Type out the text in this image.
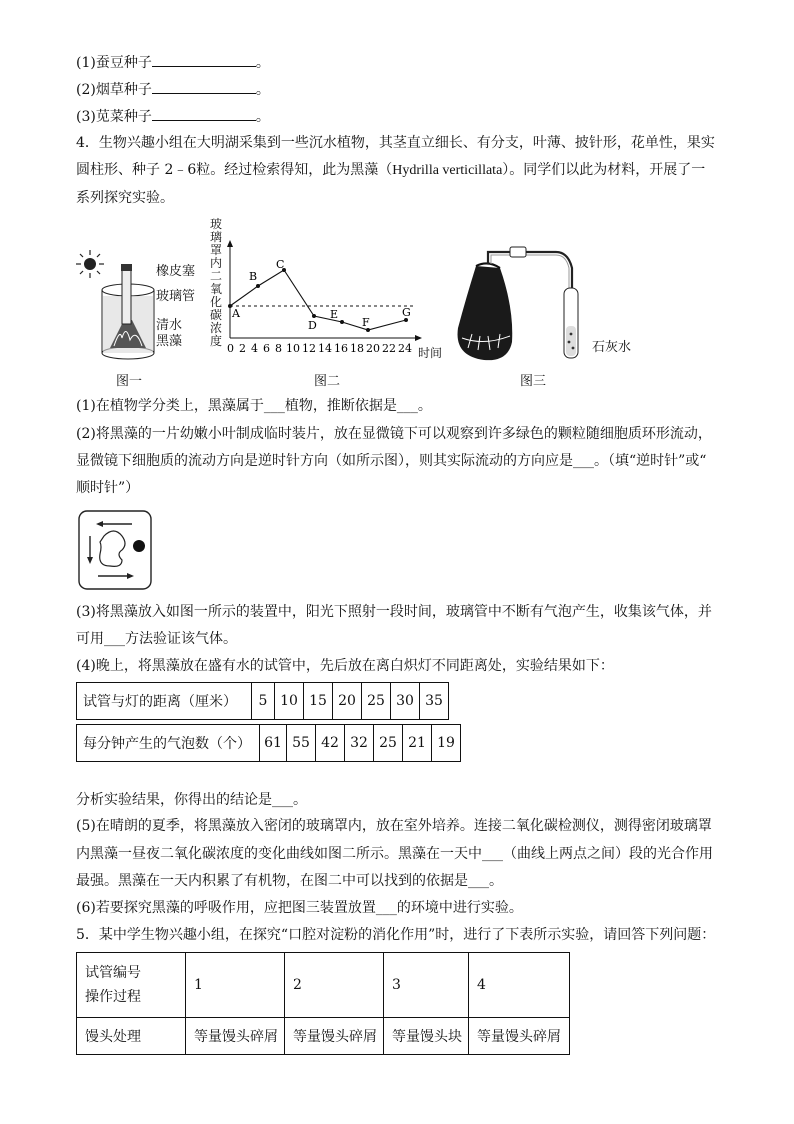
(1)蚕豆种子	。
(2)烟草种子	。
(3)苋菜种子	。
4．生物兴趣小组在大明湖采集到一些沉水植物，其茎直立细长、有分支，叶薄、披针形，花单性，果实
圆柱形、种子 2﹣6粒。经过检索得知，此为黑藻（Hydrilla verticillata）。同学们以此为材料，开展了一
系列探究实验。
橡皮塞
玻璃管
清水
黑藻
图一
玻
璃
罩
内
二
氧
化
碳
浓
度
A
B
C
D
E
F
G
0 2 4 6 8 10 12 14 16 18 20 22 24 时间
图二
石灰水
图三
(1)在植物学分类上，黑藻属于___植物，推断依据是___。
(2)将黑藻的一片幼嫩小叶制成临时装片，放在显微镜下可以观察到许多绿色的颗粒随细胞质环形流动，
显微镜下细胞质的流动方向是逆时针方向（如所示图），则其实际流动的方向应是___。（填“逆时针”或“
顺时针”）
(3)将黑藻放入如图一所示的装置中，阳光下照射一段时间，玻璃管中不断有气泡产生，收集该气体，并
可用___方法验证该气体。
(4)晚上，将黑藻放在盛有水的试管中，先后放在离白炽灯不同距离处，实验结果如下：
试管与灯的距离（厘米）	5	10	15	20	25	30	35
每分钟产生的气泡数（个）	61	55	42	32	25	21	19
分析实验结果，你得出的结论是___。
(5)在晴朗的夏季，将黑藻放入密闭的玻璃罩内，放在室外培养。连接二氧化碳检测仪，测得密闭玻璃罩
内黑藻一昼夜二氧化碳浓度的变化曲线如图二所示。黑藻在一天中___（曲线上两点之间）段的光合作用
最强。黑藻在一天内积累了有机物，在图二中可以找到的依据是___。
(6)若要探究黑藻的呼吸作用，应把图三装置放置___的环境中进行实验。
5．某中学生物兴趣小组，在探究“口腔对淀粉的消化作用”时，进行了下表所示实验，请回答下列问题：
试管编号
操作过程	1	2	3	4
馒头处理	等量馒头碎屑	等量馒头碎屑	等量馒头块	等量馒头碎屑
